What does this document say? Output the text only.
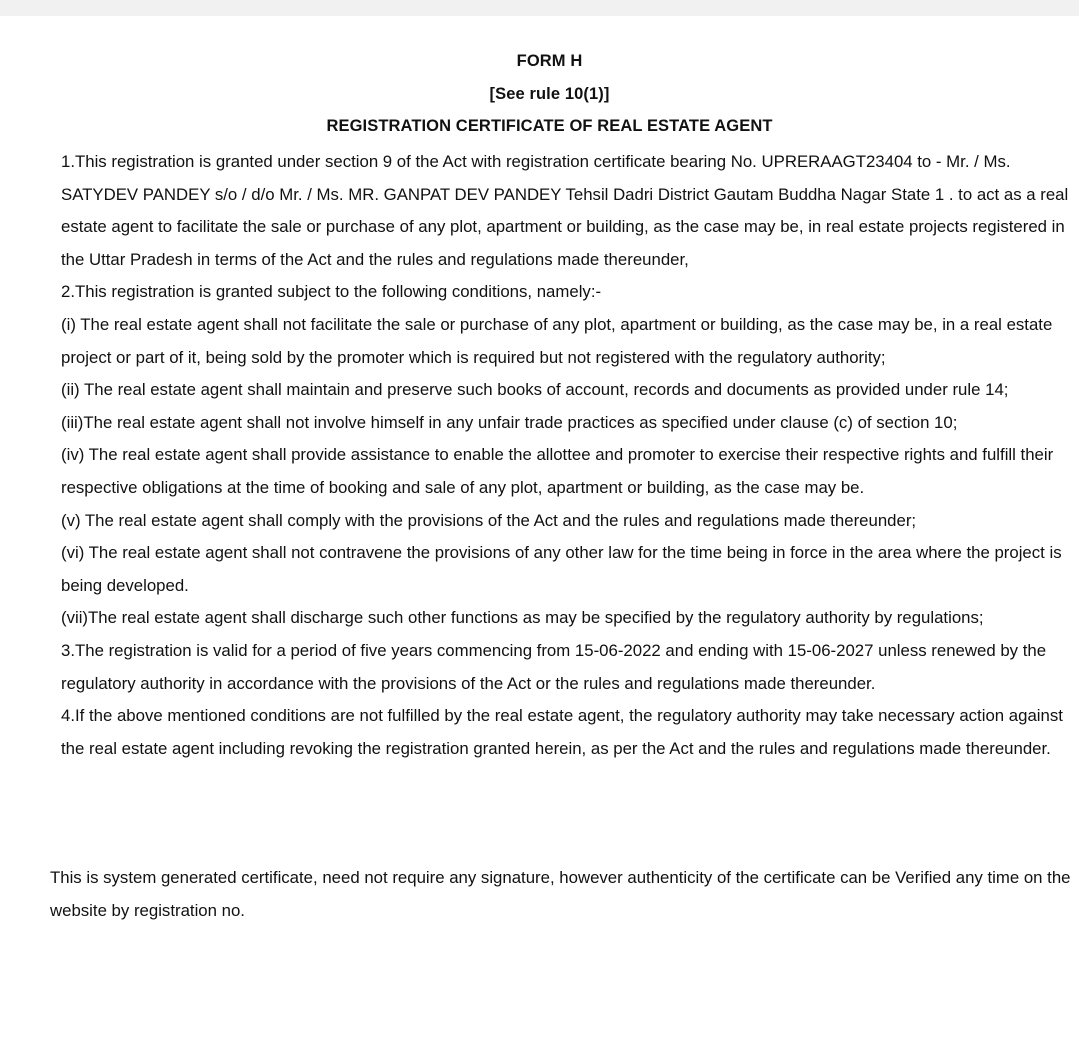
FORM H
[See rule 10(1)]
REGISTRATION CERTIFICATE OF REAL ESTATE AGENT

1.This registration is granted under section 9 of the Act with registration certificate bearing No. UPRERAAGT23404 to - Mr. / Ms. SATYDEV PANDEY s/o / d/o Mr. / Ms. MR. GANPAT DEV PANDEY Tehsil Dadri District Gautam Buddha Nagar State 1 . to act as a real estate agent to facilitate the sale or purchase of any plot, apartment or building, as the case may be, in real estate projects registered in the Uttar Pradesh in terms of the Act and the rules and regulations made thereunder,

2.This registration is granted subject to the following conditions, namely:-

(i) The real estate agent shall not facilitate the sale or purchase of any plot, apartment or building, as the case may be, in a real estate project or part of it, being sold by the promoter which is required but not registered with the regulatory authority;

(ii) The real estate agent shall maintain and preserve such books of account, records and documents as provided under rule 14;

(iii)The real estate agent shall not involve himself in any unfair trade practices as specified under clause (c) of section 10;

(iv) The real estate agent shall provide assistance to enable the allottee and promoter to exercise their respective rights and fulfill their respective obligations at the time of booking and sale of any plot, apartment or building, as the case may be.

(v) The real estate agent shall comply with the provisions of the Act and the rules and regulations made thereunder;

(vi) The real estate agent shall not contravene the provisions of any other law for the time being in force in the area where the project is being developed.

(vii)The real estate agent shall discharge such other functions as may be specified by the regulatory authority by regulations;

3.The registration is valid for a period of five years commencing from 15-06-2022 and ending with 15-06-2027 unless renewed by the regulatory authority in accordance with the provisions of the Act or the rules and regulations made thereunder.

4.If the above mentioned conditions are not fulfilled by the real estate agent, the regulatory authority may take necessary action against the real estate agent including revoking the registration granted herein, as per the Act and the rules and regulations made thereunder.

This is system generated certificate, need not require any signature, however authenticity of the certificate can be Verified any time on the website by registration no.
